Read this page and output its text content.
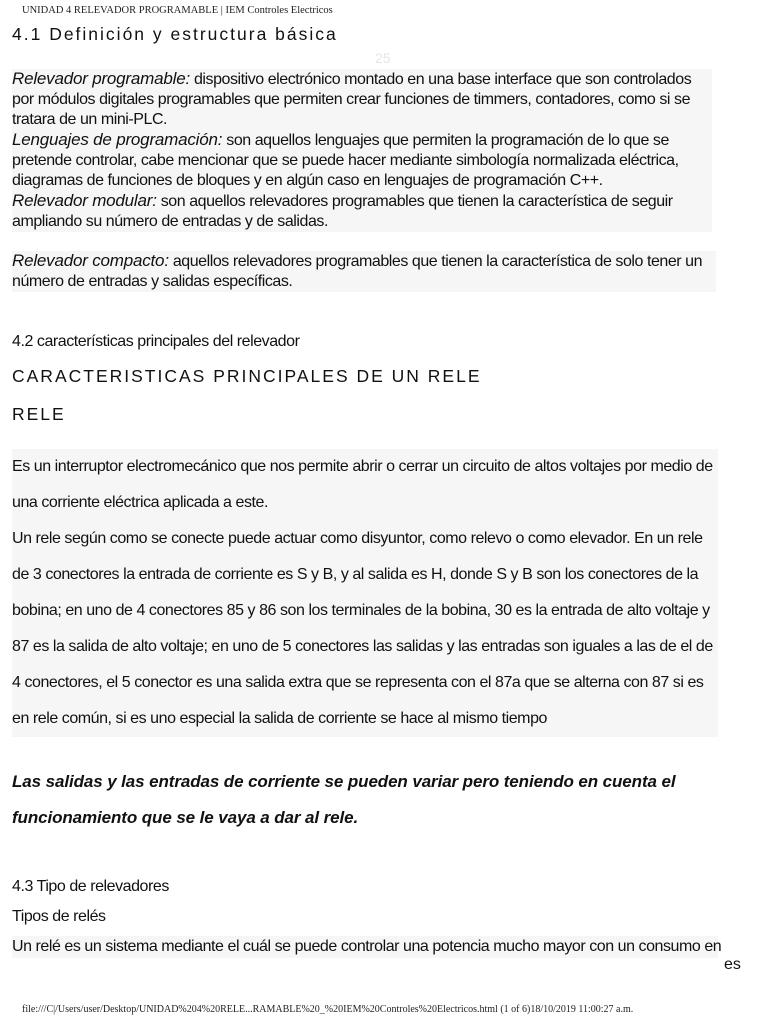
UNIDAD 4 RELEVADOR PROGRAMABLE | IEM Controles Electricos
25
4.1 Definición y estructura básica

Relevador programable: dispositivo electrónico montado en una base interface que son controlados por módulos digitales programables que permiten crear funciones de timmers, contadores, como si se tratara de un mini-PLC.

Lenguajes de programación: son aquellos lenguajes que permiten la programación de lo que se pretende controlar, cabe mencionar que se puede hacer mediante simbología normalizada eléctrica, diagramas de funciones de bloques y en algún caso en lenguajes de programación C++.

Relevador modular: son aquellos relevadores programables que tienen la característica de seguir ampliando su número de entradas y de salidas.

Relevador compacto: aquellos relevadores programables que tienen la característica de solo tener un número de entradas y salidas específicas.

4.2 características principales del relevador

CARACTERISTICAS PRINCIPALES DE UN RELE
RELE

Es un interruptor electromecánico que nos permite abrir o cerrar un circuito de altos voltajes por medio de una corriente eléctrica aplicada a este.

Un rele según como se conecte puede actuar como disyuntor, como relevo o como elevador. En un rele de 3 conectores la entrada de corriente es S y B, y al salida es H, donde S y B son los conectores de la bobina; en uno de 4 conectores 85 y 86 son los terminales de la bobina, 30 es la entrada de alto voltaje y 87 es la salida de alto voltaje; en uno de 5 conectores las salidas y las entradas son iguales a las de el de 4 conectores, el 5 conector es una salida extra que se representa con el 87a que se alterna con 87 si es en rele común, si es uno especial la salida de corriente se hace al mismo tiempo

Las salidas y las entradas de corriente se pueden variar pero teniendo en cuenta el funcionamiento que se le vaya a dar al rele.

4.3 Tipo de relevadores

Tipos de relés

Un relé es un sistema mediante el cuál se puede controlar una potencia mucho mayor con un consumo en

es
file:///C|/Users/user/Desktop/UNIDAD%204%20RELE...RAMABLE%20_%20IEM%20Controles%20Electricos.html (1 of 6)18/10/2019 11:00:27 a.m.
